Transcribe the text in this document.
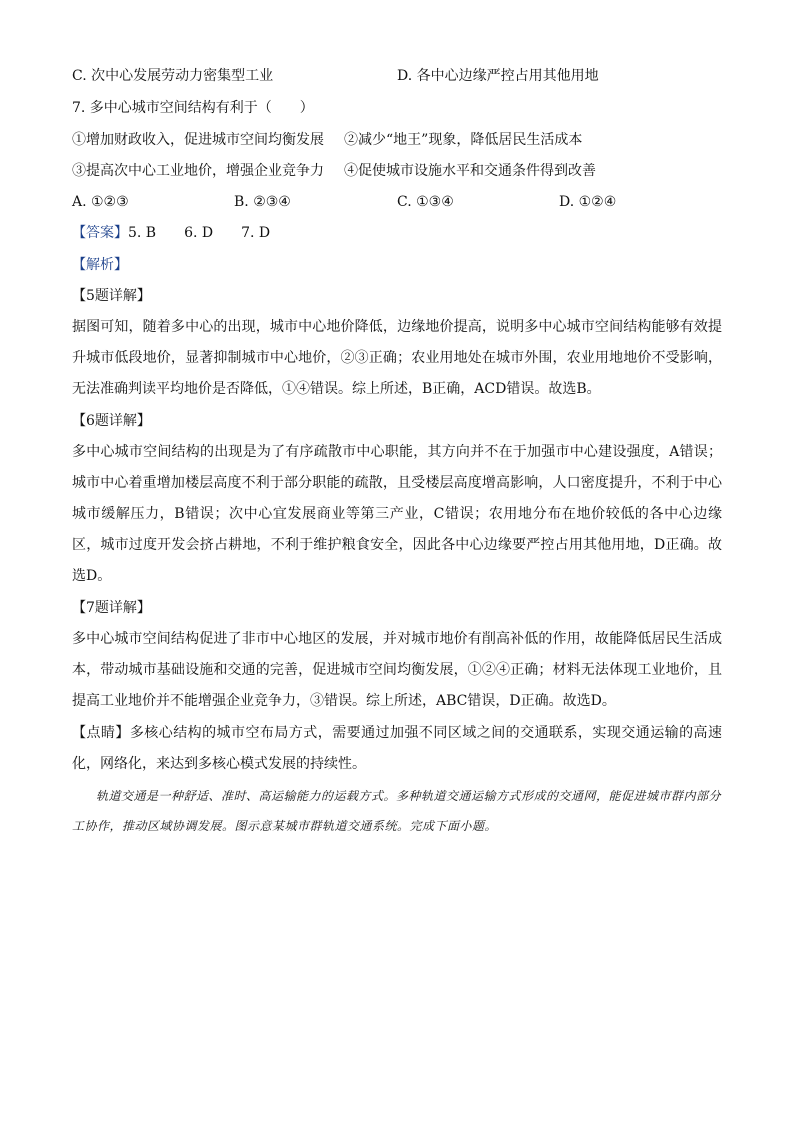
C. 次中心发展劳动力密集型工业	D. 各中心边缘严控占用其他用地
7. 多中心城市空间结构有利于（　　）
①增加财政收入，促进城市空间均衡发展 ②减少“地王”现象，降低居民生活成本
③提高次中心工业地价，增强企业竞争力 ④促使城市设施水平和交通条件得到改善
A. ①②③	B. ②③④	C. ①③④	D. ①②④
【答案】5. B　　6. D　　7. D
【解析】
【5题详解】
据图可知，随着多中心的出现，城市中心地价降低，边缘地价提高，说明多中心城市空间结构能够有效提升城市低段地价，显著抑制城市中心地价，②③正确；农业用地处在城市外围，农业用地地价不受影响，无法准确判读平均地价是否降低，①④错误。综上所述，B正确，ACD错误。故选B。
【6题详解】
多中心城市空间结构的出现是为了有序疏散市中心职能，其方向并不在于加强市中心建设强度，A错误；城市中心着重增加楼层高度不利于部分职能的疏散，且受楼层高度增高影响，人口密度提升，不利于中心城市缓解压力，B错误；次中心宜发展商业等第三产业，C错误；农用地分布在地价较低的各中心边缘区，城市过度开发会挤占耕地，不利于维护粮食安全，因此各中心边缘要严控占用其他用地，D正确。故选D。
【7题详解】
多中心城市空间结构促进了非市中心地区的发展，并对城市地价有削高补低的作用，故能降低居民生活成本，带动城市基础设施和交通的完善，促进城市空间均衡发展，①②④正确；材料无法体现工业地价，且提高工业地价并不能增强企业竞争力，③错误。综上所述，ABC错误，D正确。故选D。
【点睛】多核心结构的城市空布局方式，需要通过加强不同区域之间的交通联系，实现交通运输的高速化，网络化，来达到多核心模式发展的持续性。
轨道交通是一种舒适、准时、高运输能力的运载方式。多种轨道交通运输方式形成的交通网，能促进城市群内部分工协作，推动区域协调发展。图示意某城市群轨道交通系统。完成下面小题。
